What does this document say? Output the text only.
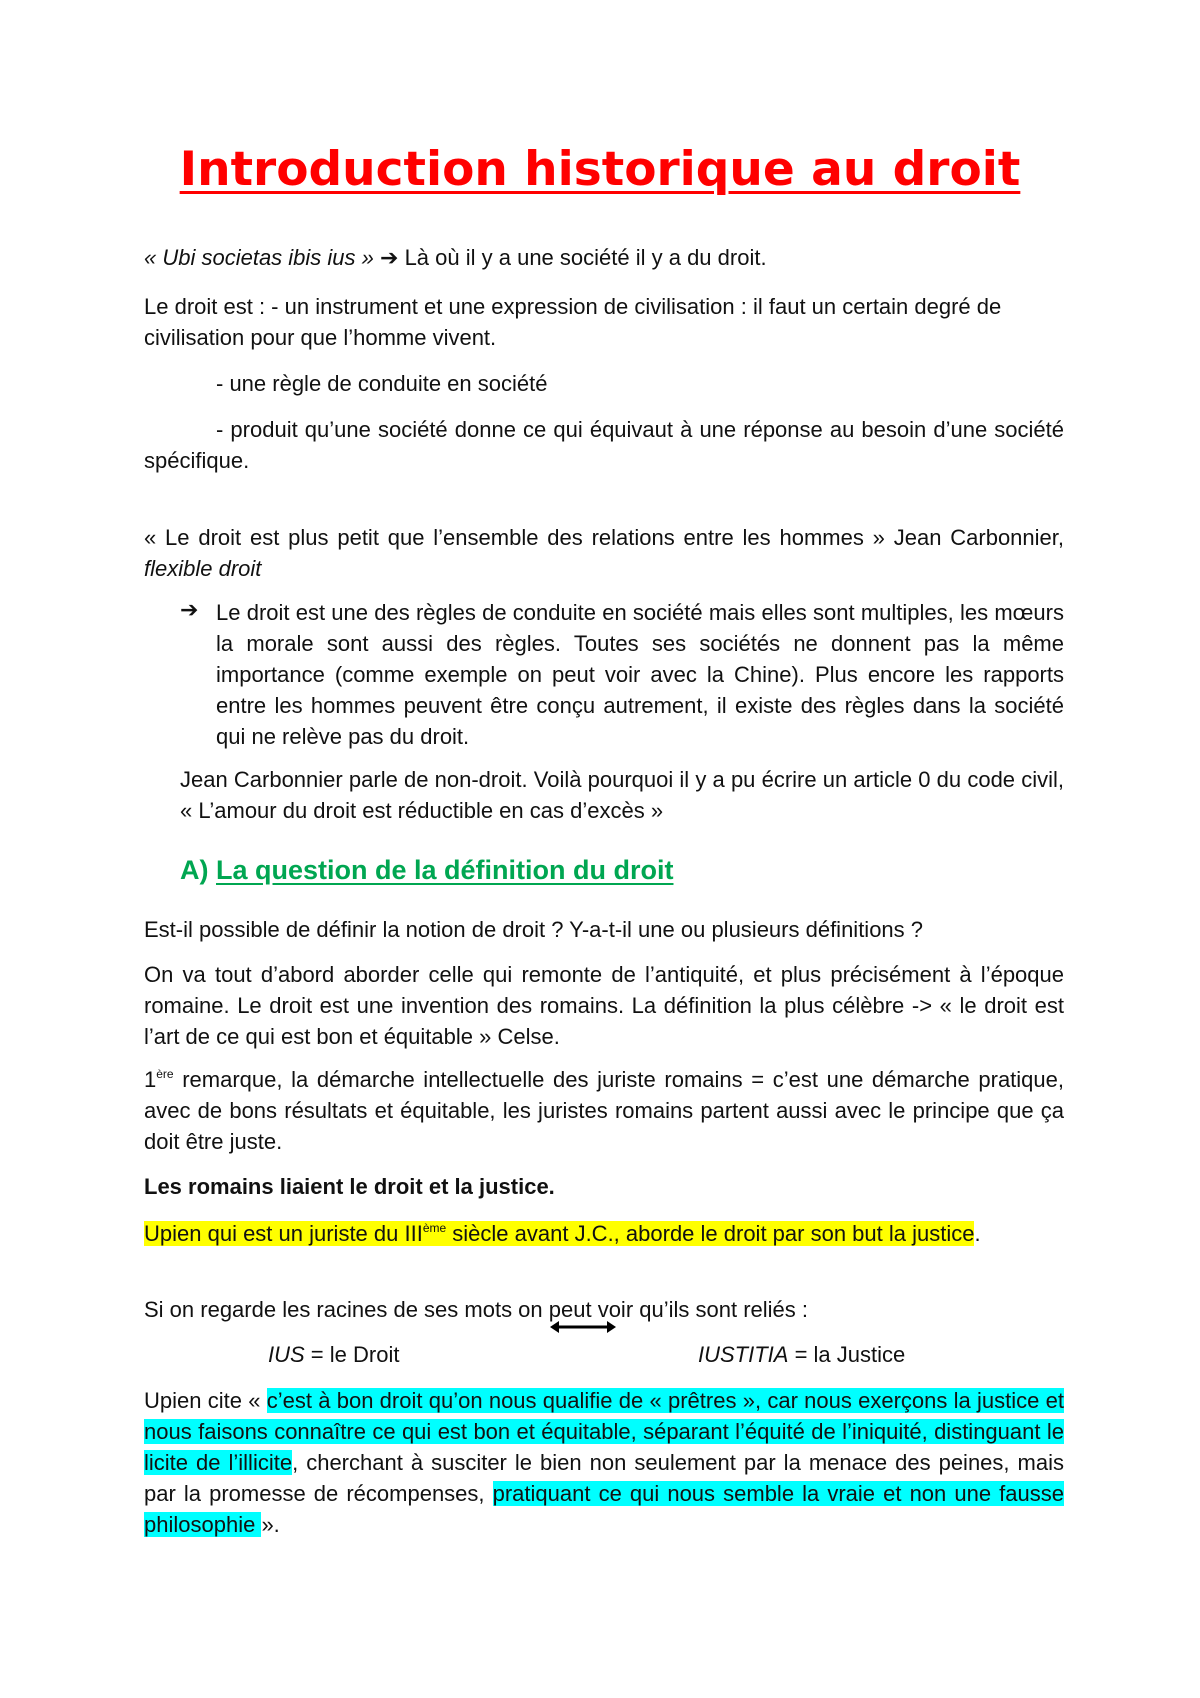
Introduction historique au droit

« Ubi societas ibis ius » ➔ Là où il y a une société il y a du droit.

Le droit est : - un instrument et une expression de civilisation : il faut un certain degré de civilisation pour que l’homme vivent.

- une règle de conduite en société

- produit qu’une société donne ce qui équivaut à une réponse au besoin d’une société spécifique.

« Le droit est plus petit que l’ensemble des relations entre les hommes » Jean Carbonnier, flexible droit

➔ Le droit est une des règles de conduite en société mais elles sont multiples, les mœurs la morale sont aussi des règles. Toutes ses sociétés ne donnent pas la même importance (comme exemple on peut voir avec la Chine). Plus encore les rapports entre les hommes peuvent être conçu autrement, il existe des règles dans la société qui ne relève pas du droit.

Jean Carbonnier parle de non-droit. Voilà pourquoi il y a pu écrire un article 0 du code civil, « L’amour du droit est réductible en cas d’excès »

A) La question de la définition du droit

Est-il possible de définir la notion de droit ? Y-a-t-il une ou plusieurs définitions ?

On va tout d’abord aborder celle qui remonte de l’antiquité, et plus précisément à l’époque romaine. Le droit est une invention des romains. La définition la plus célèbre -> « le droit est l’art de ce qui est bon et équitable » Celse.

1ère remarque, la démarche intellectuelle des juriste romains = c’est une démarche pratique, avec de bons résultats et équitable, les juristes romains partent aussi avec le principe que ça doit être juste.

Les romains liaient le droit et la justice.

Upien qui est un juriste du IIIème siècle avant J.C., aborde le droit par son but la justice.

Si on regarde les racines de ses mots on peut voir qu’ils sont reliés :

IUS = le Droit	IUSTITIA = la Justice

Upien cite « c’est à bon droit qu’on nous qualifie de « prêtres », car nous exerçons la justice et nous faisons connaître ce qui est bon et équitable, séparant l’équité de l’iniquité, distinguant le licite de l’illicite, cherchant à susciter le bien non seulement par la menace des peines, mais par la promesse de récompenses, pratiquant ce qui nous semble la vraie et non une fausse philosophie ».
